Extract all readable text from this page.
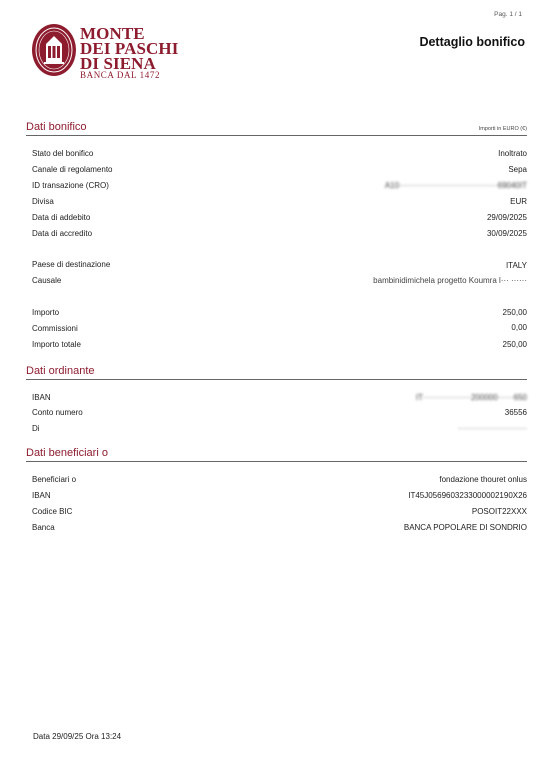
Pag. 1 / 1
Dettaglio bonifico
MONTE
DEI PASCHI
DI SIENA
BANCA DAL 1472
Dati bonifico	Importi in EURO (€)
Stato del bonifico	Inoltrato
Canale di regolamento	Sepa
ID transazione (CRO)	A10·····································69040IT
Divisa	EUR
Data di addebito	29/09/2025
Data di accredito	30/09/2025
Paese di destinazione	ITALY
Causale	bambinidimichela progetto Koumra l··· ······
Importo	250,00
Commissioni	0,00
Importo totale	250,00
Dati ordinante
IBAN	IT··················200000······650
Conto numero	36556
Di	··························
Dati beneficiari o
Beneficiari o	fondazione thouret onlus
IBAN	IT45J0569603233000002190X26
Codice BIC	POSOIT22XXX
Banca	BANCA POPOLARE DI SONDRIO
Data 29/09/25 Ora 13:24
